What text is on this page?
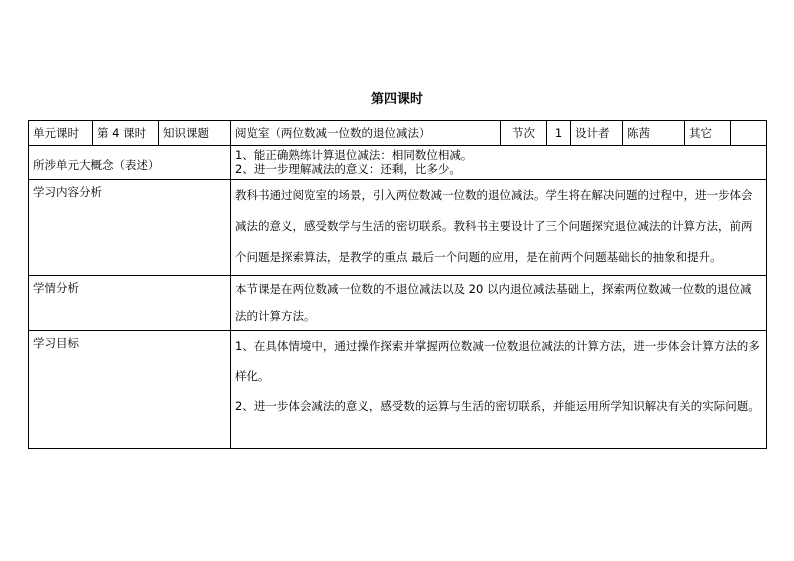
第四课时
单元课时	第 4 课时	知识课题	阅览室（两位数减一位数的退位减法）	节次	1	设计者	陈茜	其它	
所涉单元大概念（表述）			1、能正确熟练计算退位减法：相同数位相减。
2、进一步理解减法的意义：还剩，比多少。						

学习内容分析			教科书通过阅览室的场景，引入两位数减一位数的退位减法。学生将在解决问题的过程中，进一步体会减法的意义，感受数学与生活的密切联系。教科书主要设计了三个问题探究退位减法的计算方法，前两个问题是探索算法，是教学的重点 最后一个问题的应用，是在前两个问题基础长的抽象和提升。						
学情分析			本节课是在两位数减一位数的不退位减法以及 20 以内退位减法基础上，探索两位数减一位数的退位减法的计算方法。						
学习目标			1、在具体情境中，通过操作探索并掌握两位数减一位数退位减法的计算方法，进一步体会计算方法的多样化。
2、进一步体会减法的意义，感受数的运算与生活的密切联系，并能运用所学知识解决有关的实际问题。						
